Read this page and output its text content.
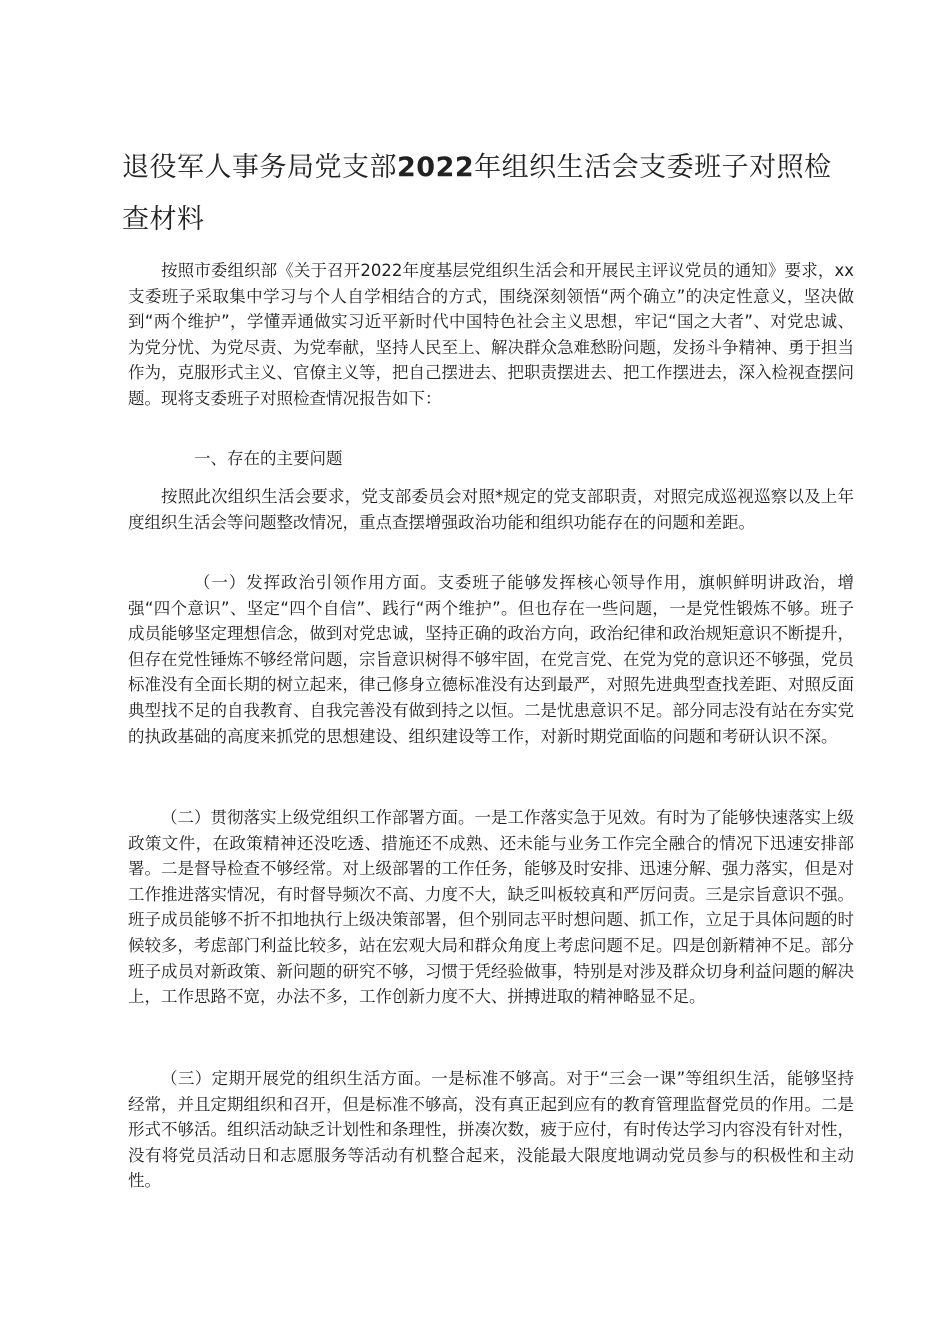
退役军人事务局党支部2022年组织生活会支委班子对照检查材料

按照市委组织部《关于召开2022年度基层党组织生活会和开展民主评议党员的通知》要求，xx支委班子采取集中学习与个人自学相结合的方式，围绕深刻领悟“两个确立”的决定性意义，坚决做到“两个维护”，学懂弄通做实习近平新时代中国特色社会主义思想，牢记“国之大者”、对党忠诚、为党分忧、为党尽责、为党奉献，坚持人民至上、解决群众急难愁盼问题，发扬斗争精神、勇于担当作为，克服形式主义、官僚主义等，把自己摆进去、把职责摆进去、把工作摆进去，深入检视查摆问题。现将支委班子对照检查情况报告如下：

一、存在的主要问题

按照此次组织生活会要求，党支部委员会对照*规定的党支部职责，对照完成巡视巡察以及上年度组织生活会等问题整改情况，重点查摆增强政治功能和组织功能存在的问题和差距。

（一）发挥政治引领作用方面。支委班子能够发挥核心领导作用，旗帜鲜明讲政治，增强“四个意识”、坚定“四个自信”、践行“两个维护”。但也存在一些问题，一是党性锻炼不够。班子成员能够坚定理想信念，做到对党忠诚，坚持正确的政治方向，政治纪律和政治规矩意识不断提升，但存在党性锤炼不够经常问题，宗旨意识树得不够牢固，在党言党、在党为党的意识还不够强，党员标准没有全面长期的树立起来，律己修身立德标准没有达到最严，对照先进典型查找差距、对照反面典型找不足的自我教育、自我完善没有做到持之以恒。二是忧患意识不足。部分同志没有站在夯实党的执政基础的高度来抓党的思想建设、组织建设等工作，对新时期党面临的问题和考研认识不深。

（二）贯彻落实上级党组织工作部署方面。一是工作落实急于见效。有时为了能够快速落实上级政策文件，在政策精神还没吃透、措施还不成熟、还未能与业务工作完全融合的情况下迅速安排部署。二是督导检查不够经常。对上级部署的工作任务，能够及时安排、迅速分解、强力落实，但是对工作推进落实情况，有时督导频次不高、力度不大，缺乏叫板较真和严厉问责。三是宗旨意识不强。班子成员能够不折不扣地执行上级决策部署，但个别同志平时想问题、抓工作，立足于具体问题的时候较多，考虑部门利益比较多，站在宏观大局和群众角度上考虑问题不足。四是创新精神不足。部分班子成员对新政策、新问题的研究不够，习惯于凭经验做事，特别是对涉及群众切身利益问题的解决上，工作思路不宽，办法不多，工作创新力度不大、拼搏进取的精神略显不足。

（三）定期开展党的组织生活方面。一是标准不够高。对于“三会一课”等组织生活，能够坚持经常，并且定期组织和召开，但是标准不够高，没有真正起到应有的教育管理监督党员的作用。二是形式不够活。组织活动缺乏计划性和条理性，拼凑次数，疲于应付，有时传达学习内容没有针对性，没有将党员活动日和志愿服务等活动有机整合起来，没能最大限度地调动党员参与的积极性和主动性。
